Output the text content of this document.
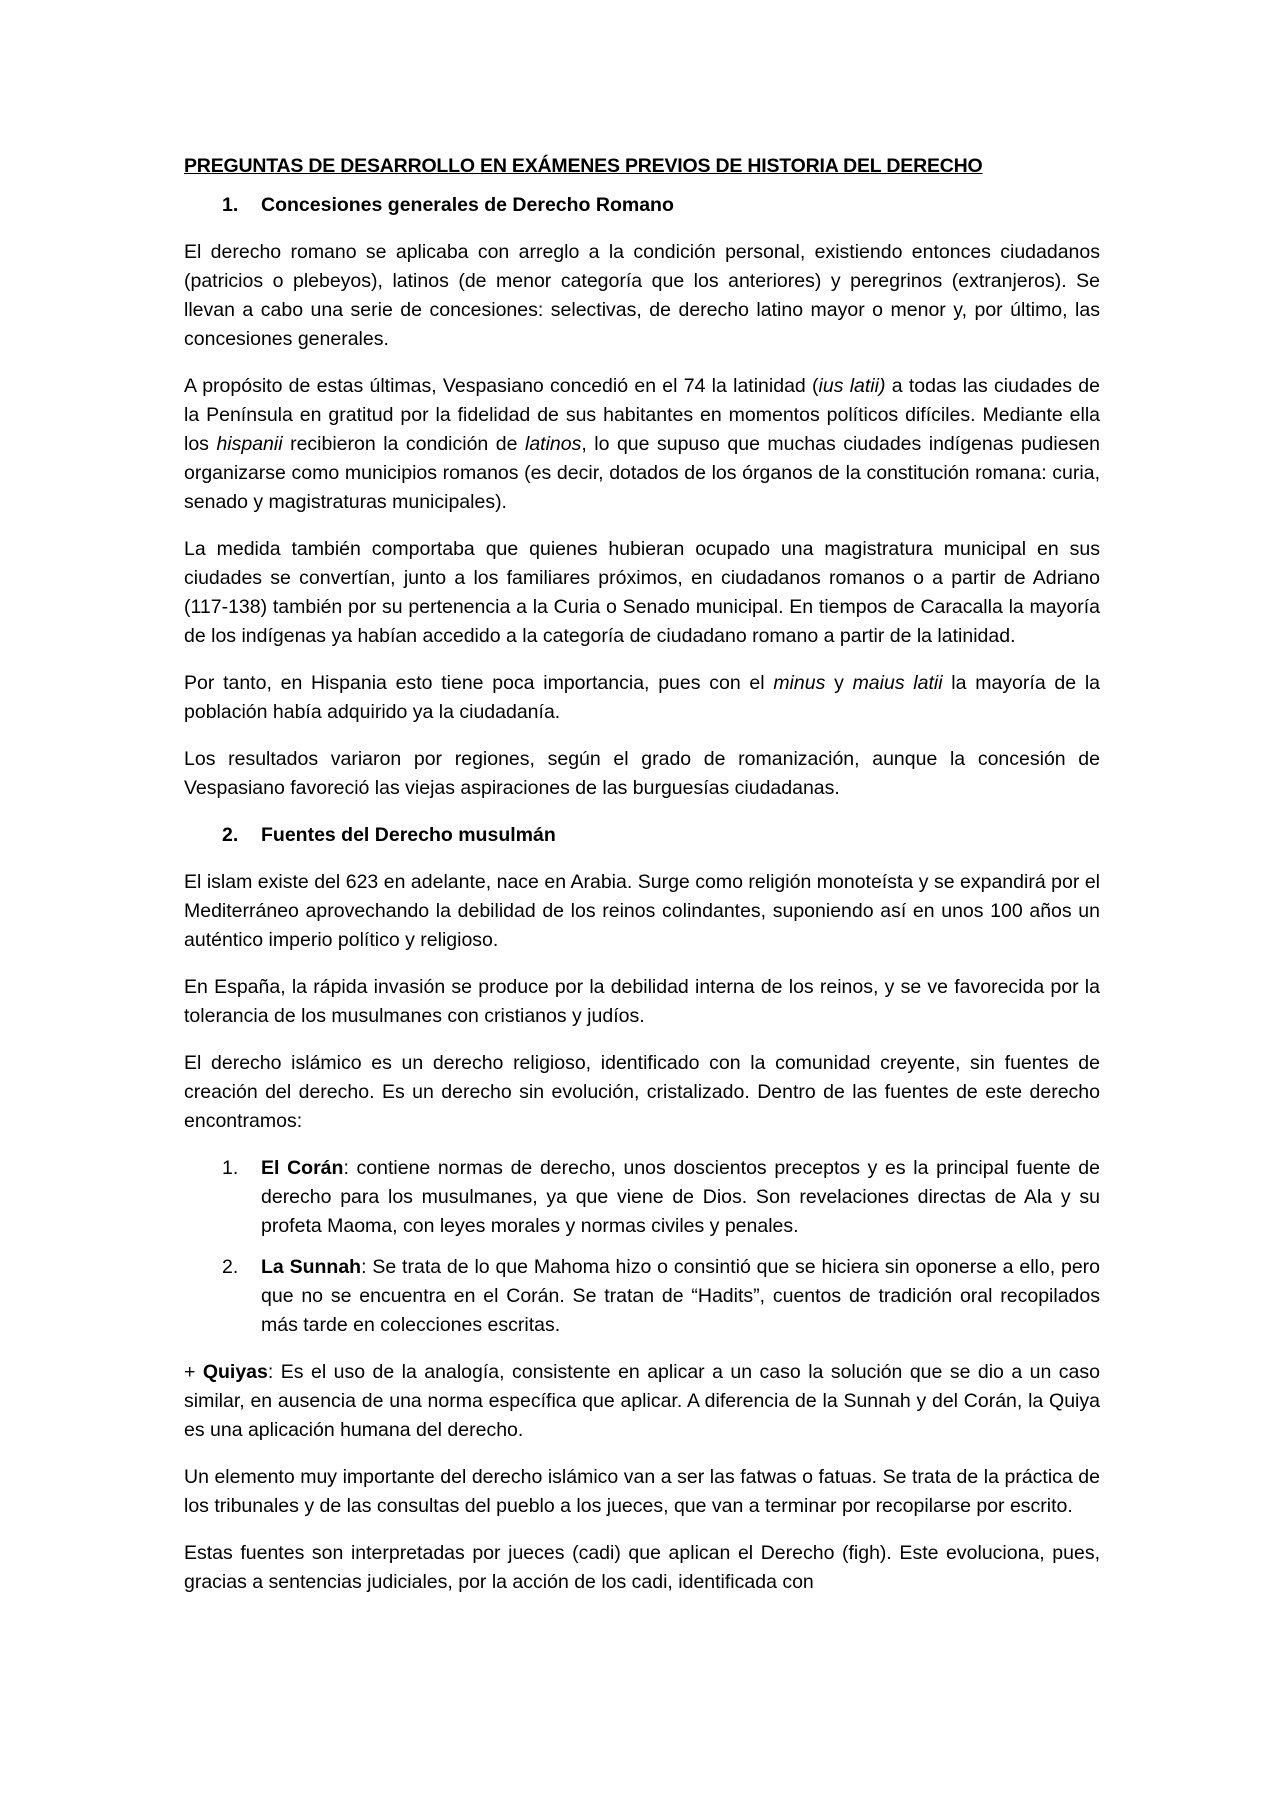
PREGUNTAS DE DESARROLLO EN EXÁMENES PREVIOS DE HISTORIA DEL DERECHO
1.	Concesiones generales de Derecho Romano

El derecho romano se aplicaba con arreglo a la condición personal, existiendo entonces ciudadanos (patricios o plebeyos), latinos (de menor categoría que los anteriores) y peregrinos (extranjeros). Se llevan a cabo una serie de concesiones: selectivas, de derecho latino mayor o menor y, por último, las concesiones generales.

A propósito de estas últimas, Vespasiano concedió en el 74 la latinidad (ius latii) a todas las ciudades de la Península en gratitud por la fidelidad de sus habitantes en momentos políticos difíciles. Mediante ella los hispanii recibieron la condición de latinos, lo que supuso que muchas ciudades indígenas pudiesen organizarse como municipios romanos (es decir, dotados de los órganos de la constitución romana: curia, senado y magistraturas municipales).

La medida también comportaba que quienes hubieran ocupado una magistratura municipal en sus ciudades se convertían, junto a los familiares próximos, en ciudadanos romanos o a partir de Adriano (117-138) también por su pertenencia a la Curia o Senado municipal. En tiempos de Caracalla la mayoría de los indígenas ya habían accedido a la categoría de ciudadano romano a partir de la latinidad.

Por tanto, en Hispania esto tiene poca importancia, pues con el minus y maius latii la mayoría de la población había adquirido ya la ciudadanía.

Los resultados variaron por regiones, según el grado de romanización, aunque la concesión de Vespasiano favoreció las viejas aspiraciones de las burguesías ciudadanas.

2.	Fuentes del Derecho musulmán

El islam existe del 623 en adelante, nace en Arabia. Surge como religión monoteísta y se expandirá por el Mediterráneo aprovechando la debilidad de los reinos colindantes, suponiendo así en unos 100 años un auténtico imperio político y religioso.

En España, la rápida invasión se produce por la debilidad interna de los reinos, y se ve favorecida por la tolerancia de los musulmanes con cristianos y judíos.

El derecho islámico es un derecho religioso, identificado con la comunidad creyente, sin fuentes de creación del derecho. Es un derecho sin evolución, cristalizado. Dentro de las fuentes de este derecho encontramos:

1.	El Corán: contiene normas de derecho, unos doscientos preceptos y es la principal fuente de derecho para los musulmanes, ya que viene de Dios. Son revelaciones directas de Ala y su profeta Maoma, con leyes morales y normas civiles y penales.
2.	La Sunnah: Se trata de lo que Mahoma hizo o consintió que se hiciera sin oponerse a ello, pero que no se encuentra en el Corán. Se tratan de “Hadits”, cuentos de tradición oral recopilados más tarde en colecciones escritas.

+ Quiyas: Es el uso de la analogía, consistente en aplicar a un caso la solución que se dio a un caso similar, en ausencia de una norma específica que aplicar. A diferencia de la Sunnah y del Corán, la Quiya es una aplicación humana del derecho.

Un elemento muy importante del derecho islámico van a ser las fatwas o fatuas. Se trata de la práctica de los tribunales y de las consultas del pueblo a los jueces, que van a terminar por recopilarse por escrito.

Estas fuentes son interpretadas por jueces (cadi) que aplican el Derecho (figh). Este evoluciona, pues, gracias a sentencias judiciales, por la acción de los cadi, identificada con
